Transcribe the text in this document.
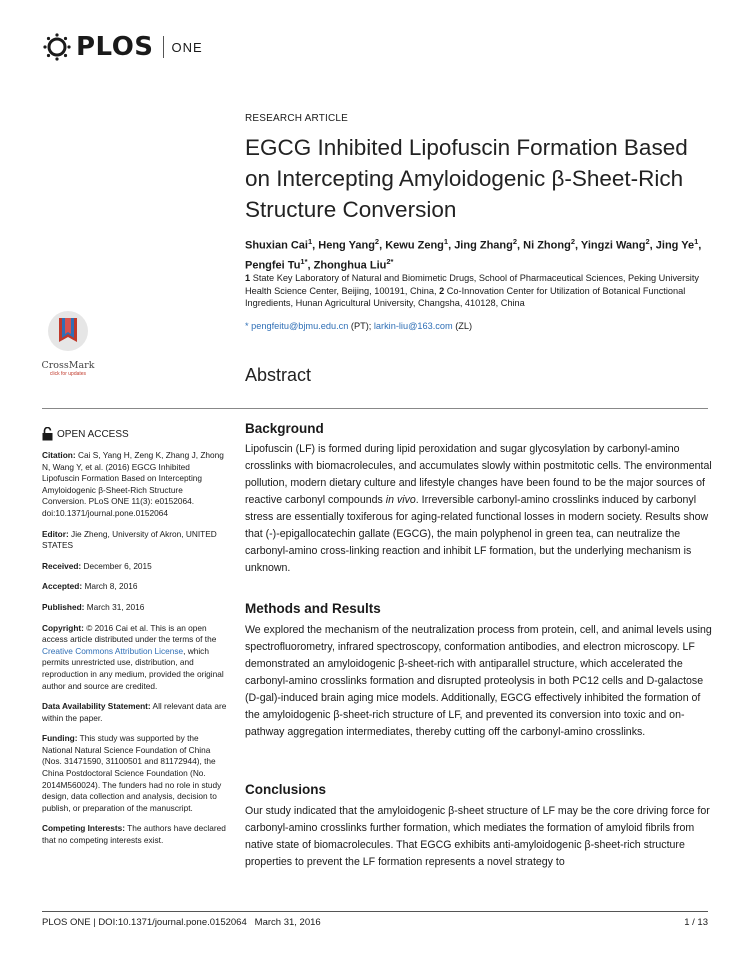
PLOS ONE
RESEARCH ARTICLE
EGCG Inhibited Lipofuscin Formation Based on Intercepting Amyloidogenic β-Sheet-Rich Structure Conversion
Shuxian Cai$^1$, Heng Yang$^2$, Kewu Zeng$^1$, Jing Zhang$^2$, Ni Zhong$^2$, Yingzi Wang$^2$, Jing Ye$^1$,
Pengfei $Tu^{1*}$, Zhonghua Liu$^{2*}$
1 State Key Laboratory of Natural and Biomimetic Drugs, School of Pharmaceutical Sciences, Peking University Health Science Center, Beijing, 100191, China, 2 Co-Innovation Center for Utilization of Botanical Functional Ingredients, Hunan Agricultural University, Changsha, 410128, China
* pengfeitu@bjmu.edu.cn (PT); larkin-liu@163.com (ZL)
CrossMark
click for updates	Abstract
Background
Lipofuscin (LF) is formed during lipid peroxidation and sugar glycosylation by carbonyl-amino crosslinks with biomacrolecules, and accumulates slowly within postmitotic cells. The environmental pollution, modern dietary culture and lifestyle changes have been found to be the major sources of reactive carbonyl compounds in vivo. Irreversible carbonyl-amino crosslinks induced by carbonyl stress are essentially toxiferous for aging-related functional losses in modern society. Results show that (-)-epigallocatechin gallate (EGCG), the main polyphenol in green tea, can neutralize the carbonyl-amino cross-linking reaction and inhibit LF formation, but the underlying mechanism is unknown.
Methods and Results
We explored the mechanism of the neutralization process from protein, cell, and animal levels using spectrofluorometry, infrared spectroscopy, conformation antibodies, and electron microscopy. LF demonstrated an amyloidogenic β-sheet-rich with antiparallel structure, which accelerated the carbonyl-amino crosslinks formation and disrupted proteolysis in both PC12 cells and D-galactose (D-gal)-induced brain aging mice models. Additionally, EGCG effectively inhibited the formation of the amyloidogenic β-sheet-rich structure of LF, and prevented its conversion into toxic and on-pathway aggregation intermediates, thereby cutting off the carbonyl-amino crosslinks.
Conclusions
Our study indicated that the amyloidogenic β-sheet structure of LF may be the core driving force for carbonyl-amino crosslinks further formation, which mediates the formation of amyloid fibrils from native state of biomacrolecules. That EGCG exhibits anti-amyloidogenic β-sheet-rich structure properties to prevent the LF formation represents a novel strategy to
OPEN ACCESS

Citation: Cai S, Yang H, Zeng K, Zhang J, Zhong N, Wang Y, et al. (2016) EGCG Inhibited Lipofuscin Formation Based on Intercepting Amyloidogenic β-Sheet-Rich Structure Conversion. PLoS ONE 11(3): e0152064. doi:10.1371/journal.pone.0152064

Editor: Jie Zheng, University of Akron, UNITED STATES

Received: December 6, 2015

Accepted: March 8, 2016

Published: March 31, 2016

Copyright: © 2016 Cai et al. This is an open access article distributed under the terms of the Creative Commons Attribution License, which permits unrestricted use, distribution, and reproduction in any medium, provided the original author and source are credited.

Data Availability Statement: All relevant data are within the paper.

Funding: This study was supported by the National Natural Science Foundation of China (Nos. 31471590, 31100501 and 81172944), the China Postdoctoral Science Foundation (No. 2014M560024). The funders had no role in study design, data collection and analysis, decision to publish, or preparation of the manuscript.

Competing Interests: The authors have declared that no competing interests exist.

PLOS ONE | DOI:10.1371/journal.pone.0152064 March 31, 2016	1 / 13
